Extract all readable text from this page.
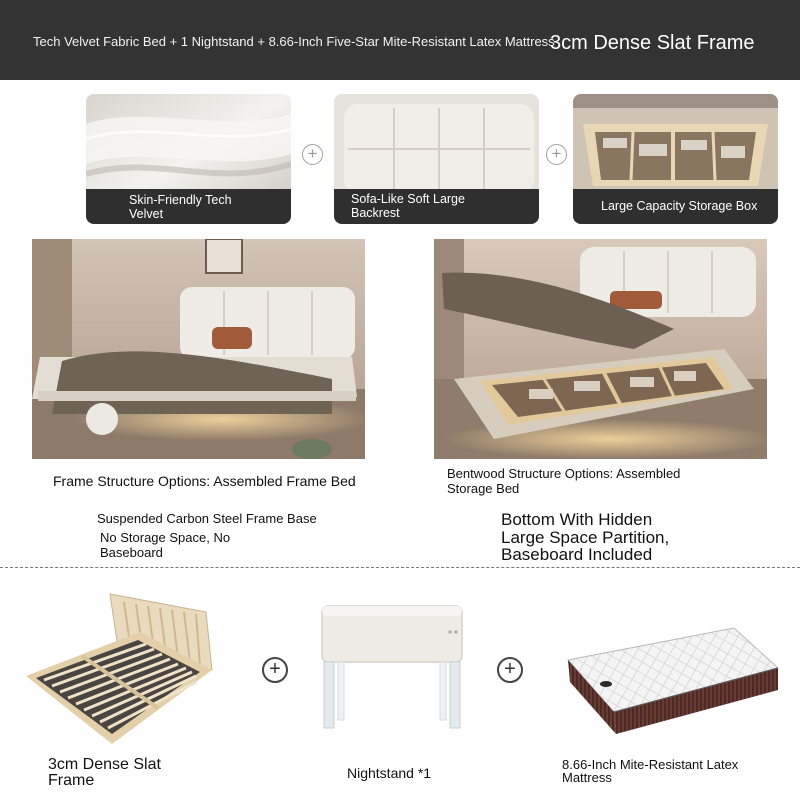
Tech Velvet Fabric Bed + 1 Nightstand + 8.66-Inch Five-Star Mite-Resistant Latex Mattress
3cm Dense Slat Frame
Skin-Friendly Tech
Velvet
+
Sofa-Like Soft Large
Backrest
+
Large Capacity Storage Box
Frame Structure Options: Assembled Frame Bed
Suspended Carbon Steel Frame Base
No Storage Space, No
Baseboard
Bentwood Structure Options: Assembled
Storage Bed
Bottom With Hidden
Large Space Partition,
Baseboard Included
+	+
3cm Dense Slat
Frame	Nightstand *1
8.66-Inch Mite-Resistant Latex
Mattress
